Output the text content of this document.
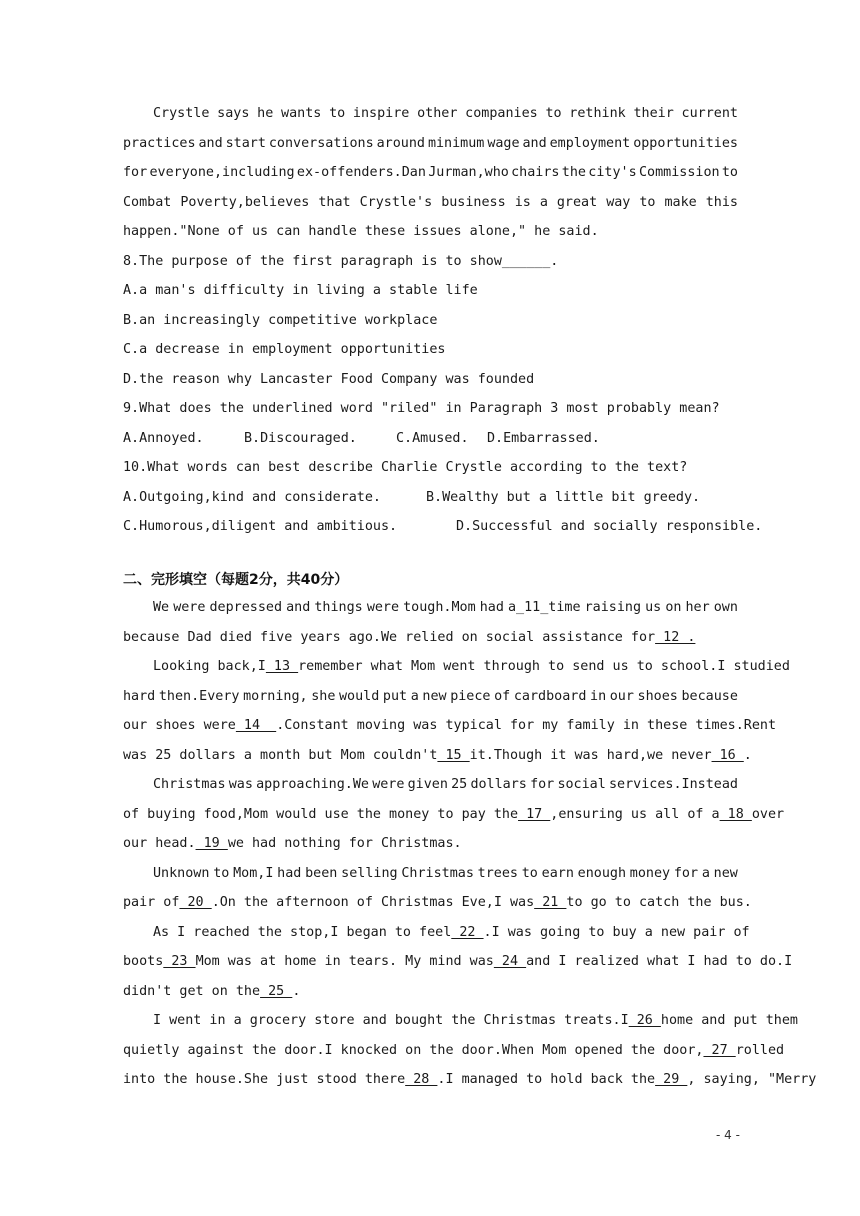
Crystle says he wants to inspire other companies to rethink their current
practices and start conversations around minimum wage and employment opportunities
for everyone,including ex-offenders.Dan Jurman,who chairs the city's Commission to
Combat Poverty,believes that Crystle's business is a great way to make this
happen."None of us can handle these issues alone," he said.
8.The purpose of the first paragraph is to show______.
A.a man's difficulty in living a stable life
B.an increasingly competitive workplace
C.a decrease in employment opportunities
D.the reason why Lancaster Food Company was founded
9.What does the underlined word "riled" in Paragraph 3 most probably mean?
A.Annoyed.	B.Discouraged.	C.Amused. D.Embarrassed.
10.What words can best describe Charlie Crystle according to the text?
A.Outgoing,kind and considerate.	B.Wealthy but a little bit greedy.
C.Humorous,diligent and ambitious.	D.Successful and socially responsible.
二、完形填空（每题2分，共40分）
We were depressed and things were tough.Mom had a_11_time raising us on her own
because Dad died five years ago.We relied on social assistance for 12 .
Looking back,I 13 remember what Mom went through to send us to school.I studied
hard then.Every morning, she would put a new piece of cardboard in our shoes because
our shoes were 14  .Constant moving was typical for my family in these times.Rent
was 25 dollars a month but Mom couldn't 15 it.Though it was hard,we never 16 .
Christmas was approaching.We were given 25 dollars for social services.Instead
of buying food,Mom would use the money to pay the 17 ,ensuring us all of a 18 over
our head. 19 we had nothing for Christmas.
Unknown to Mom,I had been selling Christmas trees to earn enough money for a new
pair of 20 .On the afternoon of Christmas Eve,I was 21 to go to catch the bus.
As I reached the stop,I began to feel 22 .I was going to buy a new pair of
boots 23 Mom was at home in tears. My mind was 24 and I realized what I had to do.I
didn't get on the 25 .
I went in a grocery store and bought the Christmas treats.I 26 home and put them
quietly against the door.I knocked on the door.When Mom opened the door, 27 rolled
into the house.She just stood there 28 .I managed to hold back the 29 , saying, "Merry
- 4 -
